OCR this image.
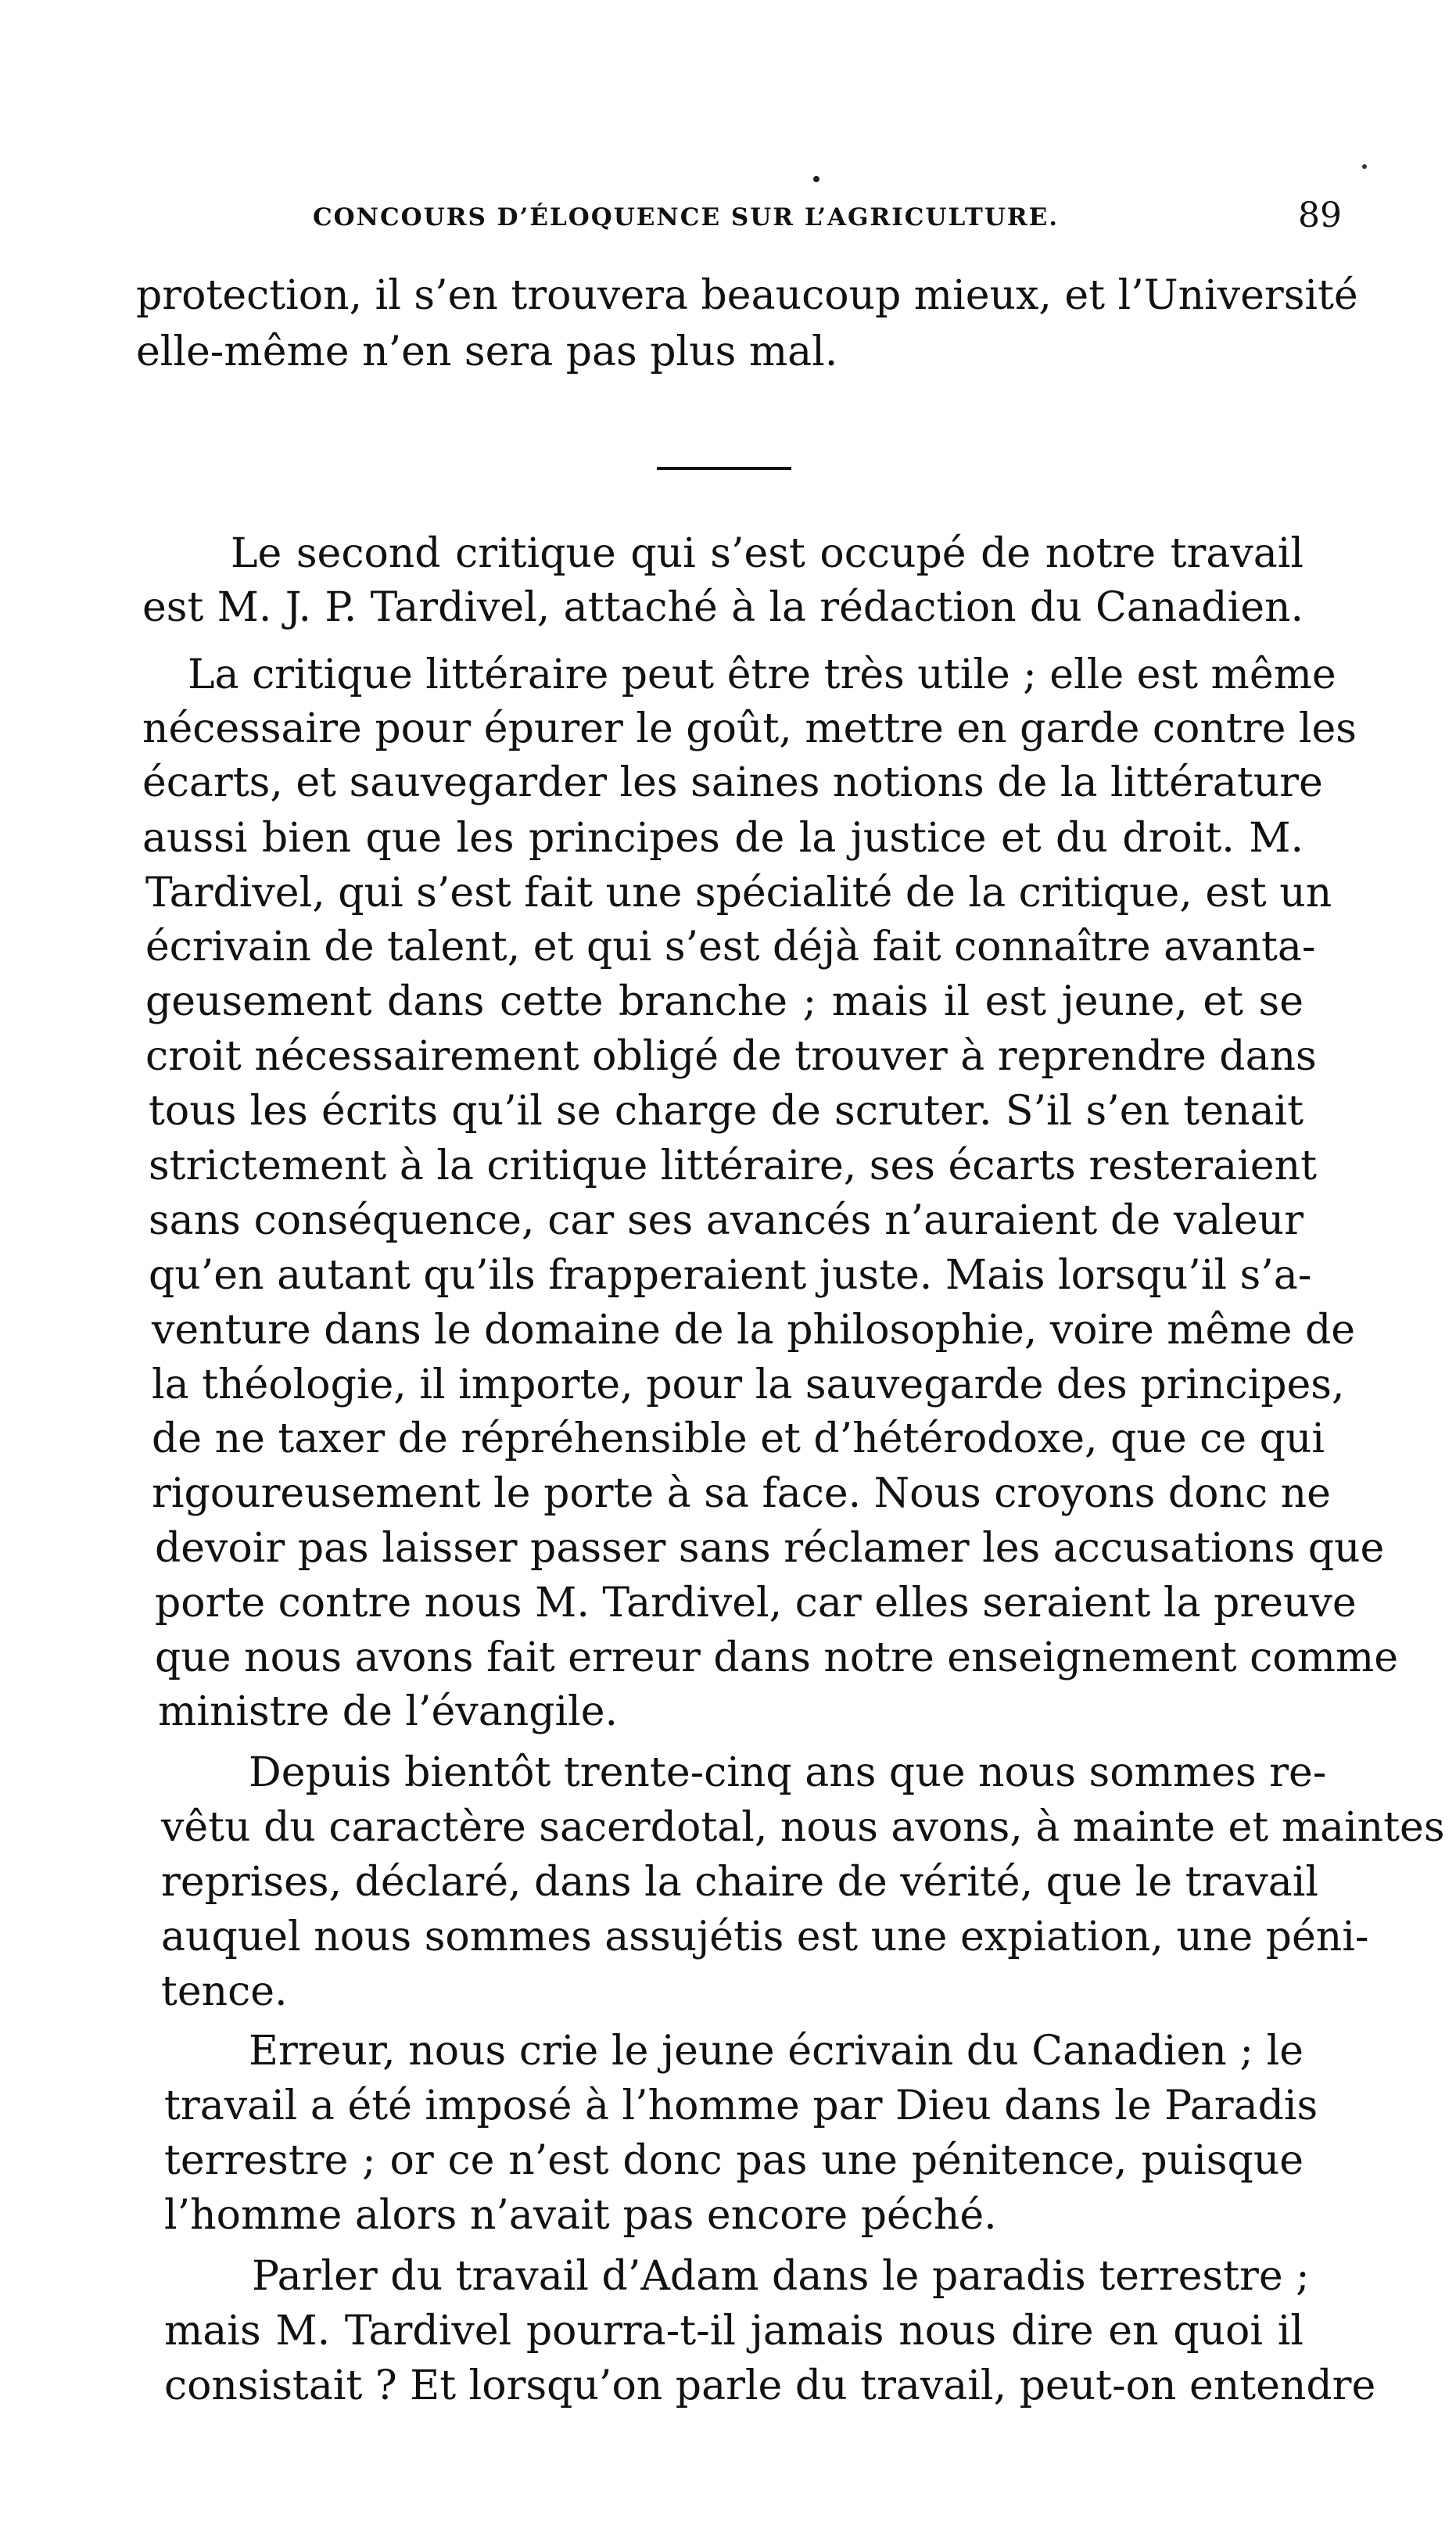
CONCOURS D’ÉLOQUENCE SUR L’AGRICULTURE.	89
protection, il s’en trouvera beaucoup mieux, et l’Université
elle-même n’en sera pas plus mal.
Le second critique qui s’est occupé de notre travail
est M. J. P. Tardivel, attaché à la rédaction du Canadien.
La critique littéraire peut être très utile ; elle est même
nécessaire pour épurer le goût, mettre en garde contre les
écarts, et sauvegarder les saines notions de la littérature
aussi bien que les principes de la justice et du droit. M.
Tardivel, qui s’est fait une spécialité de la critique, est un
écrivain de talent, et qui s’est déjà fait connaître avanta-
geusement dans cette branche ; mais il est jeune, et se
croit nécessairement obligé de trouver à reprendre dans
tous les écrits qu’il se charge de scruter. S’il s’en tenait
strictement à la critique littéraire, ses écarts resteraient
sans conséquence, car ses avancés n’auraient de valeur
qu’en autant qu’ils frapperaient juste. Mais lorsqu’il s’a-
venture dans le domaine de la philosophie, voire même de
la théologie, il importe, pour la sauvegarde des principes,
de ne taxer de répréhensible et d’hétérodoxe, que ce qui
rigoureusement le porte à sa face. Nous croyons donc ne
devoir pas laisser passer sans réclamer les accusations que
porte contre nous M. Tardivel, car elles seraient la preuve
que nous avons fait erreur dans notre enseignement comme
ministre de l’évangile.
Depuis bientôt trente-cinq ans que nous sommes re-
vêtu du caractère sacerdotal, nous avons, à mainte et maintes
reprises, déclaré, dans la chaire de vérité, que le travail
auquel nous sommes assujétis est une expiation, une péni-
tence.
Erreur, nous crie le jeune écrivain du Canadien ; le
travail a été imposé à l’homme par Dieu dans le Paradis
terrestre ; or ce n’est donc pas une pénitence, puisque
l’homme alors n’avait pas encore péché.
Parler du travail d’Adam dans le paradis terrestre ;
mais M. Tardivel pourra-t-il jamais nous dire en quoi il
consistait ? Et lorsqu’on parle du travail, peut-on entendre
